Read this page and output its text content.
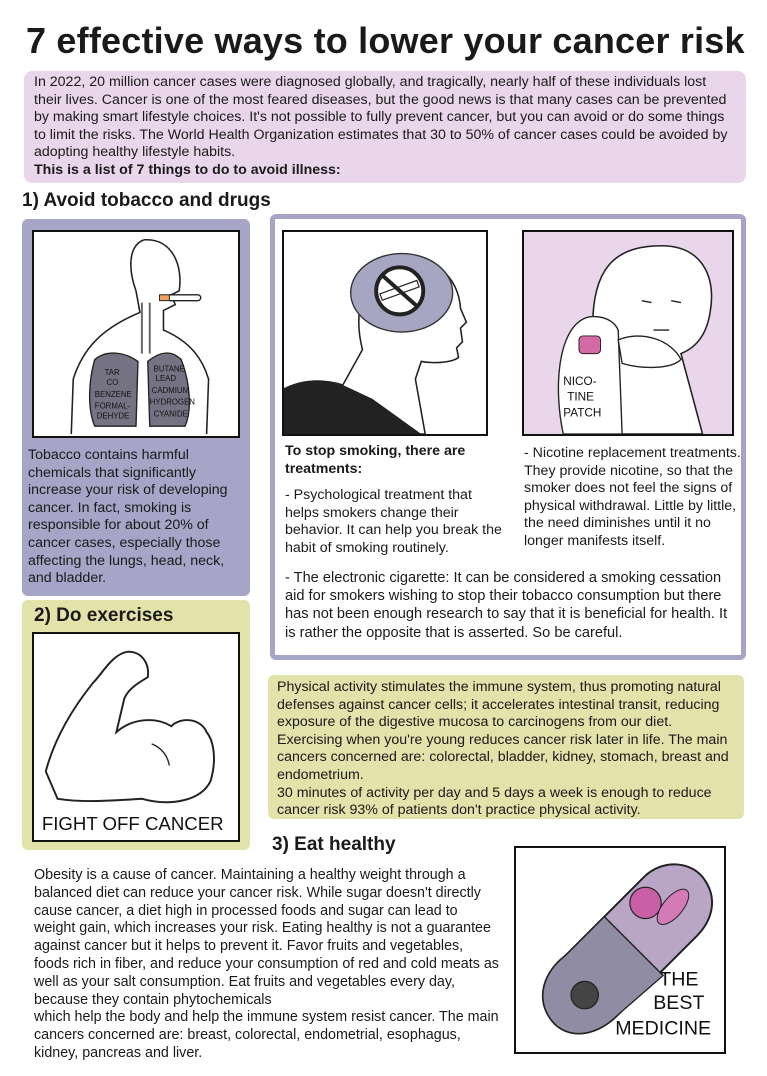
7 effective ways to lower your cancer risk
In 2022, 20 million cancer cases were diagnosed globally, and tragically, nearly half of these individuals lost their lives. Cancer is one of the most feared diseases, but the good news is that many cases can be prevented by making smart lifestyle choices. It's not possible to fully prevent cancer, but you can avoid or do some things to limit the risks. The World Health Organization estimates that 30 to 50% of cancer cases could be avoided by adopting healthy lifestyle habits.
This is a list of 7 things to do to avoid illness:
1) Avoid tobacco and drugs
TAR
CO
BENZENE
FORMAL-
DEHYDE
BUTANE
LEAD
CADMIUM
HYDROGEN
CYANIDE
Tobacco contains harmful chemicals that significantly increase your risk of developing cancer. In fact, smoking is responsible for about 20% of cancer cases, especially those affecting the lungs, head, neck, and bladder.
NICO-
TINE
PATCH
To stop smoking, there are treatments:
- Psychological treatment that helps smokers change their behavior. It can help you break the habit of smoking routinely.
- Nicotine replacement treatments. They provide nicotine, so that the smoker does not feel the signs of physical withdrawal. Little by little, the need diminishes until it no longer manifests itself.
- The electronic cigarette: It can be considered a smoking cessation aid for smokers wishing to stop their tobacco consumption but there has not been enough research to say that it is beneficial for health. It is rather the opposite that is asserted. So be careful.
2) Do exercises
FIGHT OFF CANCER
Physical activity stimulates the immune system, thus promoting natural defenses against cancer cells; it accelerates intestinal transit, reducing exposure of the digestive mucosa to carcinogens from our diet. Exercising when you're young reduces cancer risk later in life. The main cancers concerned are: colorectal, bladder, kidney, stomach, breast and endometrium.
30 minutes of activity per day and 5 days a week is enough to reduce cancer risk 93% of patients don't practice physical activity.
3) Eat healthy
Obesity is a cause of cancer. Maintaining a healthy weight through a balanced diet can reduce your cancer risk. While sugar doesn't directly cause cancer, a diet high in processed foods and sugar can lead to weight gain, which increases your risk. Eating healthy is not a guarantee against cancer but it helps to prevent it. Favor fruits and vegetables, foods rich in fiber, and reduce your consumption of red and cold meats as well as your salt consumption. Eat fruits and vegetables every day, because they contain phytochemicals
which help the body and help the immune system resist cancer. The main cancers concerned are: breast, colorectal, endometrial, esophagus, kidney, pancreas and liver.
THE
BEST
MEDICINE
